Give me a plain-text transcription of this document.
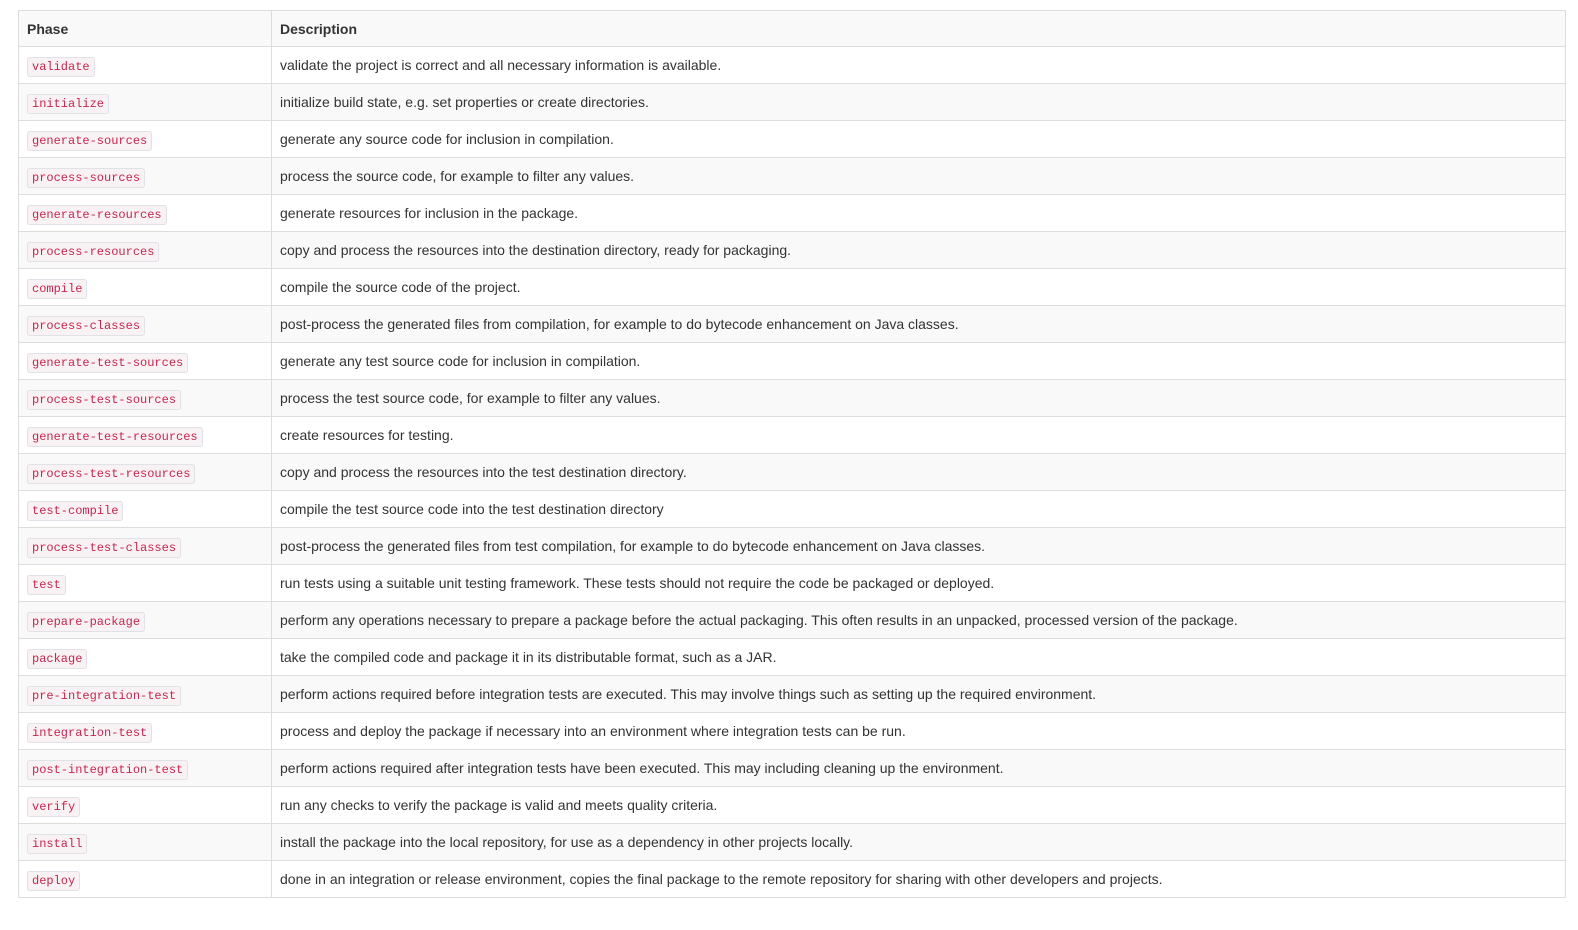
Phase	Description
validate	validate the project is correct and all necessary information is available.
initialize	initialize build state, e.g. set properties or create directories.
generate-sources	generate any source code for inclusion in compilation.
process-sources	process the source code, for example to filter any values.
generate-resources	generate resources for inclusion in the package.
process-resources	copy and process the resources into the destination directory, ready for packaging.
compile	compile the source code of the project.
process-classes	post-process the generated files from compilation, for example to do bytecode enhancement on Java classes.
generate-test-sources	generate any test source code for inclusion in compilation.
process-test-sources	process the test source code, for example to filter any values.
generate-test-resources	create resources for testing.
process-test-resources	copy and process the resources into the test destination directory.
test-compile	compile the test source code into the test destination directory
process-test-classes	post-process the generated files from test compilation, for example to do bytecode enhancement on Java classes.
test	run tests using a suitable unit testing framework. These tests should not require the code be packaged or deployed.
prepare-package	perform any operations necessary to prepare a package before the actual packaging. This often results in an unpacked, processed version of the package.
package	take the compiled code and package it in its distributable format, such as a JAR.
pre-integration-test	perform actions required before integration tests are executed. This may involve things such as setting up the required environment.
integration-test	process and deploy the package if necessary into an environment where integration tests can be run.
post-integration-test	perform actions required after integration tests have been executed. This may including cleaning up the environment.
verify	run any checks to verify the package is valid and meets quality criteria.
install	install the package into the local repository, for use as a dependency in other projects locally.
deploy	done in an integration or release environment, copies the final package to the remote repository for sharing with other developers and projects.
